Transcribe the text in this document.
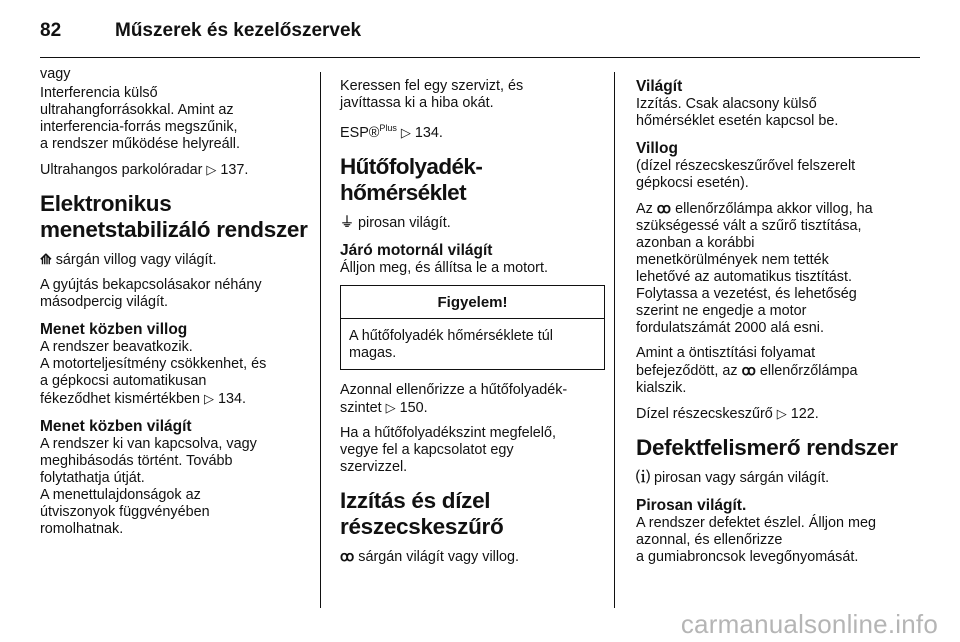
82	Műszerek és kezelőszervek

vagy

Interferencia külső
ultrahangforrásokkal. Amint az
interferencia-forrás megszűnik,
a rendszer működése helyreáll.

Ultrahangos parkolóradar ▷ 137.

Elektronikus
menetstabilizáló rendszer

⟰ sárgán villog vagy világít.

A gyújtás bekapcsolásakor néhány
másodpercig világít.

Menet közben villog

A rendszer beavatkozik.
A motorteljesítmény csökkenhet, és
a gépkocsi automatikusan
fékeződhet kismértékben ▷ 134.

Menet közben világít

A rendszer ki van kapcsolva, vagy
meghibásodás történt. Tovább
folytathatja útját.
A menettulajdonságok az
útviszonyok függvényében
romolhatnak.

Keressen fel egy szervizt, és
javíttassa ki a hiba okát.

ESP®$^{Plus}$ ▷ 134.

Hűtőfolyadék-hőmérséklet

⏚ pirosan világít.

Járó motornál világít

Álljon meg, és állítsa le a motort.

Figyelem!
A hűtőfolyadék hőmérséklete túl
magas.

Azonnal ellenőrizze a hűtőfolyadék-
szintet ▷ 150.

Ha a hűtőfolyadékszint megfelelő,
vegye fel a kapcsolatot egy
szervizzel.

Izzítás és dízel
részecskeszűrő

ꝏ sárgán világít vagy villog.

Világít

Izzítás. Csak alacsony külső
hőmérséklet esetén kapcsol be.

Villog

(dízel részecskeszűrővel felszerelt
gépkocsi esetén).

Az ꝏ ellenőrzőlámpa akkor villog, ha
szükségessé vált a szűrő tisztítása,
azonban a korábbi
menetkörülmények nem tették
lehetővé az automatikus tisztítást.
Folytassa a vezetést, és lehetőség
szerint ne engedje a motor
fordulatszámát 2000 alá esni.

Amint a öntisztítási folyamat
befejeződött, az ꝏ ellenőrzőlámpa
kialszik.

Dízel részecskeszűrő ▷ 122.

Defektfelismerő rendszer

⒤ pirosan vagy sárgán világít.

Pirosan világít.

A rendszer defektet észlel. Álljon meg
azonnal, és ellenőrizze
a gumiabroncsok levegőnyomását.

carmanualsonline.info
